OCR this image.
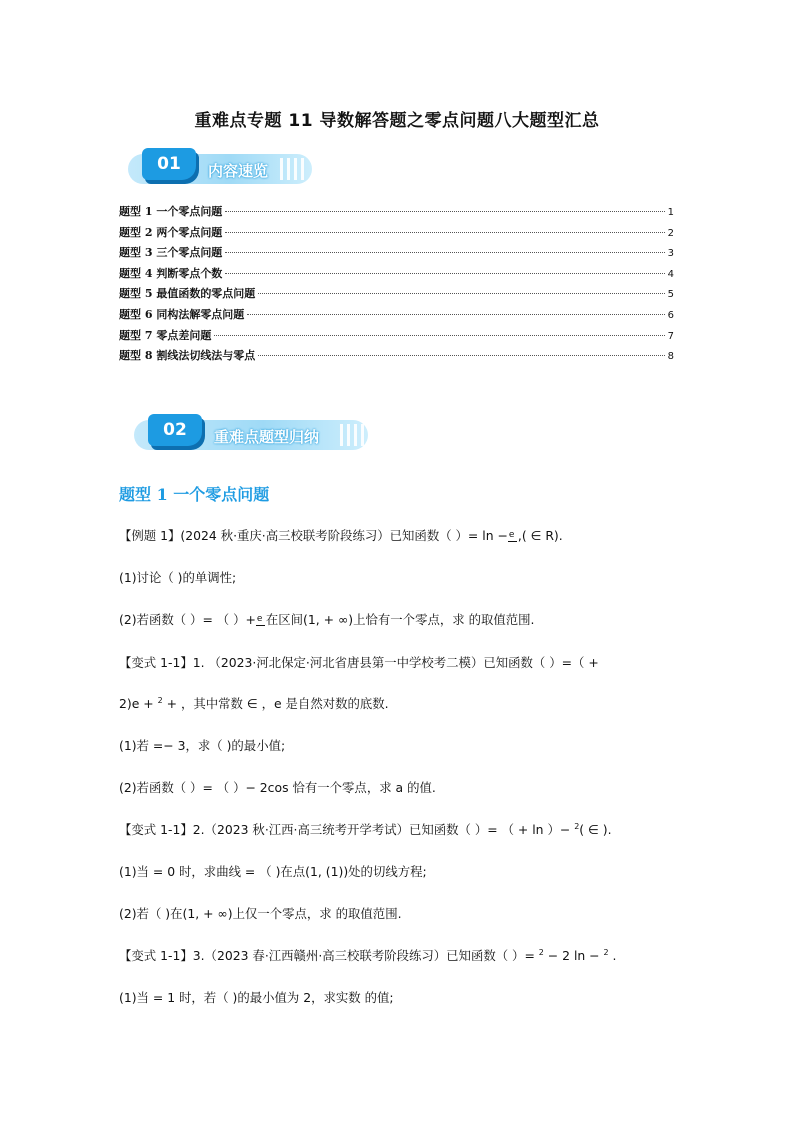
重难点专题 11 导数解答题之零点问题八大题型汇总
01	内容速览
题型 1 一个零点问题	1
题型 2 两个零点问题	2
题型 3 三个零点问题	3
题型 4 判断零点个数	4
题型 5 最值函数的零点问题	5
题型 6 同构法解零点问题	6
题型 7 零点差问题	7
题型 8 割线法切线法与零点	8
02	重难点题型归纳
题型 1 一个零点问题
【例题 1】(2024 秋·重庆·高三校联考阶段练习）已知函数（ ）= ln − e ,( ∈ R).
(1)讨论（ )的单调性;
(2)若函数（ ）= （ ）+ e 在区间(1, + ∞)上恰有一个零点，求 的取值范围.
【变式 1-1】1. （2023·河北保定·河北省唐县第一中学校考二模）已知函数（ ）=（ +
2)e + $^2$ + ，其中常数 ∈ ，e 是自然对数的底数.
(1)若 =− 3，求（ )的最小值;
(2)若函数（ ）= （ ）− 2cos 恰有一个零点，求 a 的值.
【变式 1-1】2.（2023 秋·江西·高三统考开学考试）已知函数（ ）= （ + ln ）− $^2$( ∈ ).
(1)当 = 0 时，求曲线 = （ )在点(1, (1))处的切线方程;
(2)若（ )在(1, + ∞)上仅一个零点，求 的取值范围.
【变式 1-1】3.（2023 春·江西赣州·高三校联考阶段练习）已知函数（ ）= $^2$ − 2 ln − $^2$ .
(1)当 = 1 时，若（ )的最小值为 2，求实数 的值;
